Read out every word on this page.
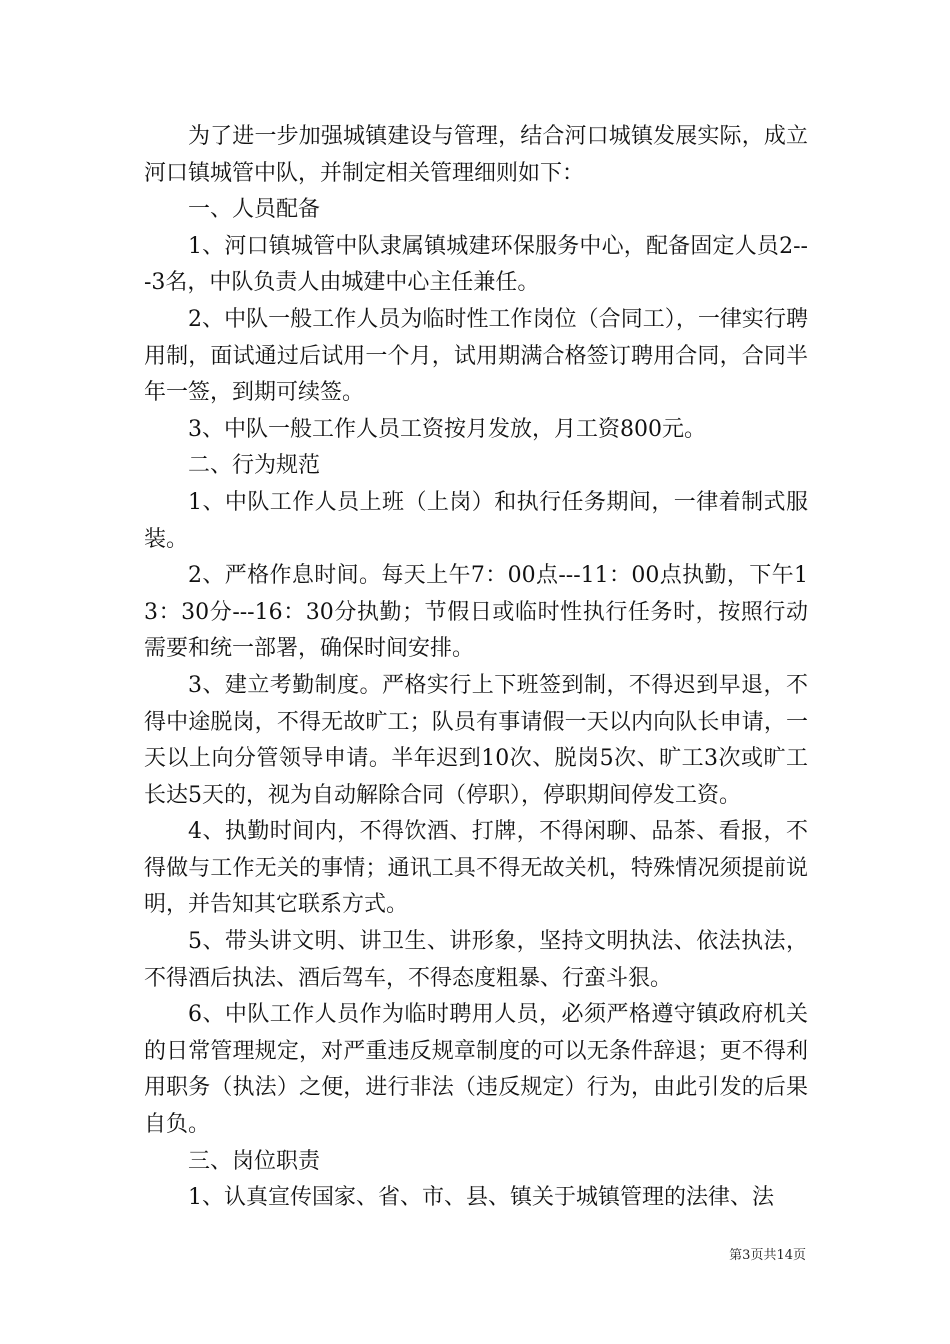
为了进一步加强城镇建设与管理，结合河口城镇发展实际，成立河口镇城管中队，并制定相关管理细则如下：

一、人员配备

1、河口镇城管中队隶属镇城建环保服务中心，配备固定人员2---3名，中队负责人由城建中心主任兼任。

2、中队一般工作人员为临时性工作岗位（合同工），一律实行聘用制，面试通过后试用一个月，试用期满合格签订聘用合同，合同半年一签，到期可续签。

3、中队一般工作人员工资按月发放，月工资800元。

二、行为规范

1、中队工作人员上班（上岗）和执行任务期间，一律着制式服装。

2、严格作息时间。每天上午7：00点---11：00点执勤，下午13：30分---16：30分执勤；节假日或临时性执行任务时，按照行动需要和统一部署，确保时间安排。

3、建立考勤制度。严格实行上下班签到制，不得迟到早退，不得中途脱岗，不得无故旷工；队员有事请假一天以内向队长申请，一天以上向分管领导申请。半年迟到10次、脱岗5次、旷工3次或旷工长达5天的，视为自动解除合同（停职），停职期间停发工资。

4、执勤时间内，不得饮酒、打牌，不得闲聊、品茶、看报，不得做与工作无关的事情；通讯工具不得无故关机，特殊情况须提前说明，并告知其它联系方式。

5、带头讲文明、讲卫生、讲形象，坚持文明执法、依法执法，不得酒后执法、酒后驾车，不得态度粗暴、行蛮斗狠。

6、中队工作人员作为临时聘用人员，必须严格遵守镇政府机关的日常管理规定，对严重违反规章制度的可以无条件辞退；更不得利用职务（执法）之便，进行非法（违反规定）行为，由此引发的后果自负。

三、岗位职责

1、认真宣传国家、省、市、县、镇关于城镇管理的法律、法

第3页共14页
